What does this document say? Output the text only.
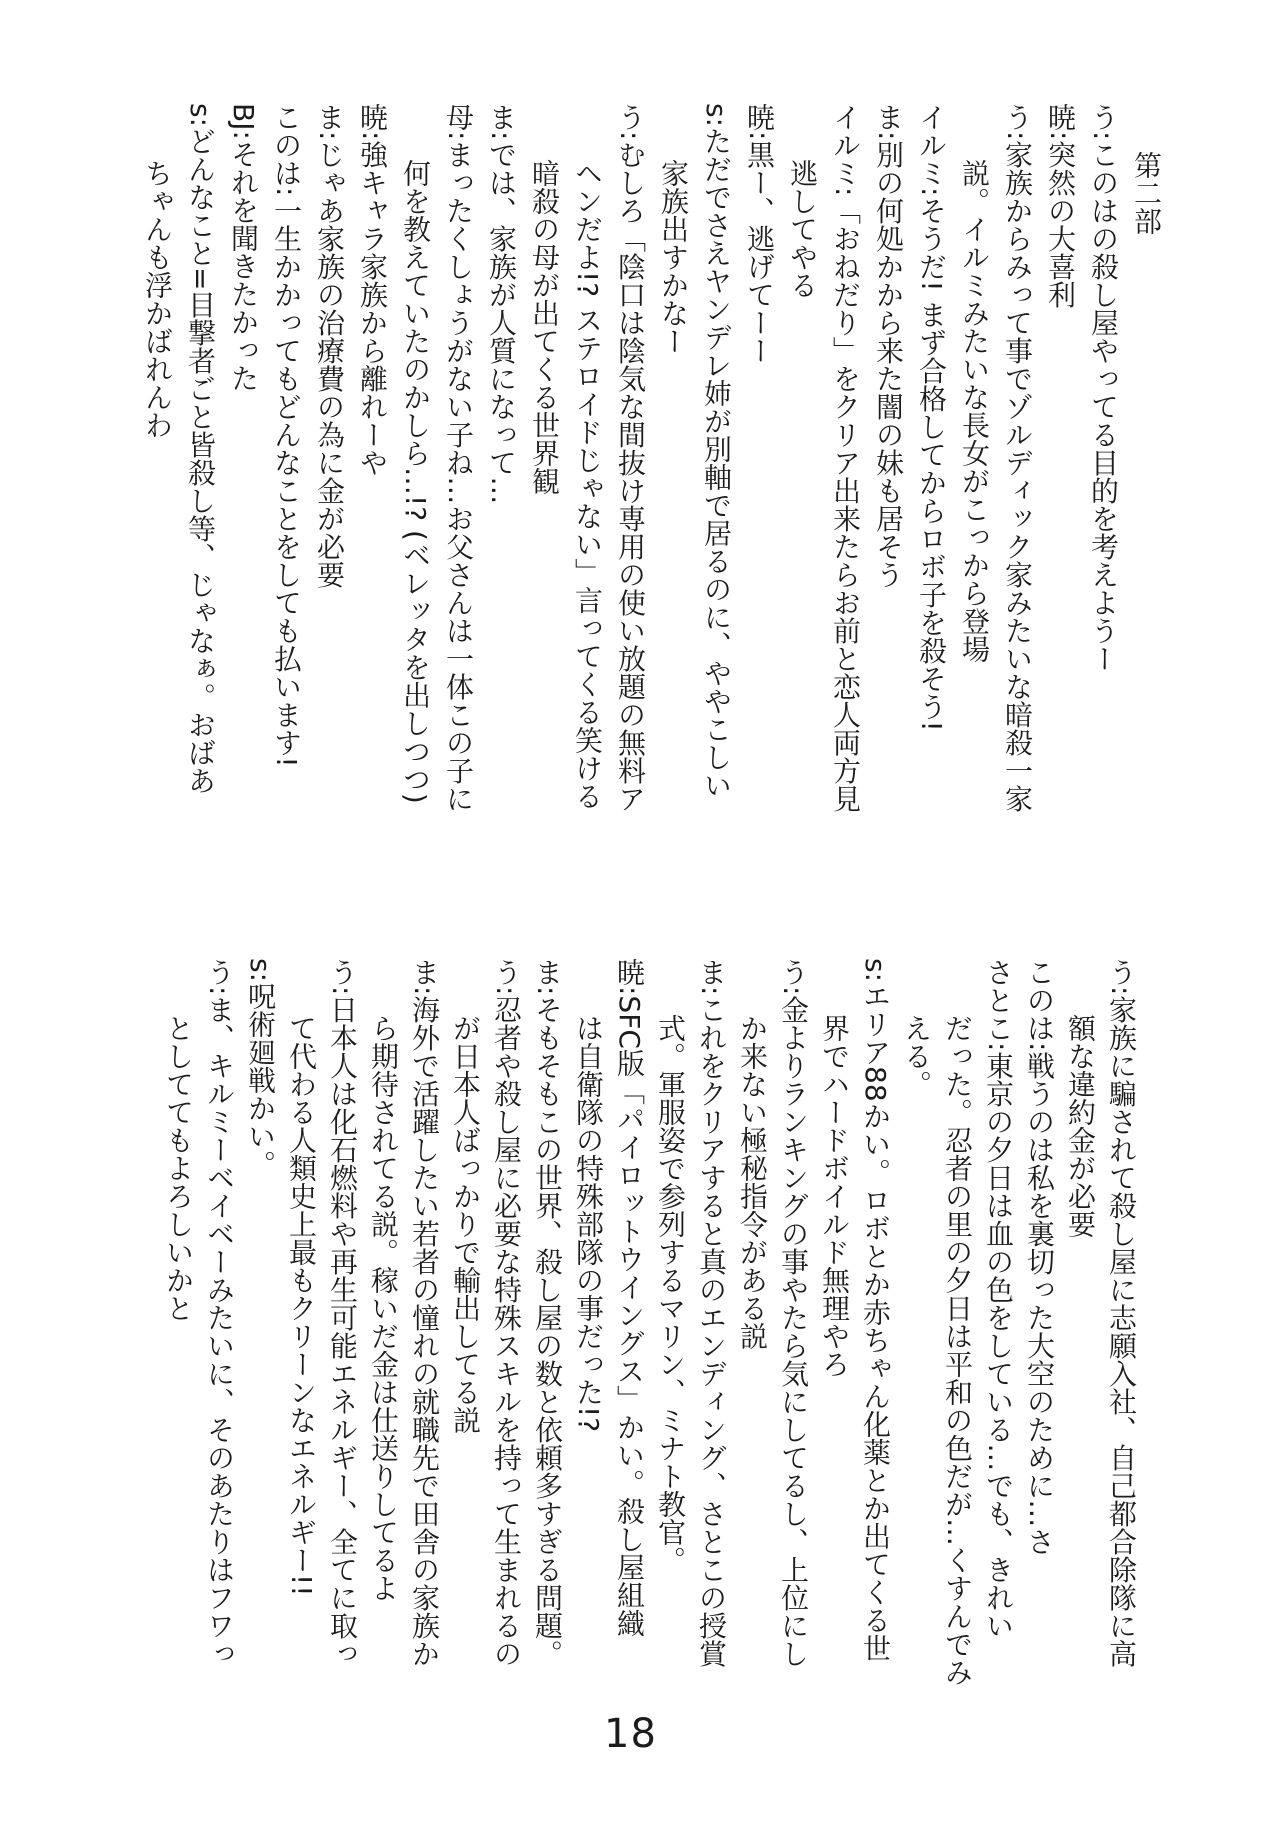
第二部
う:このはの殺し屋やってる目的を考えようー
暁:突然の大喜利
う:家族からみって事でゾルディック家みたいな暗殺一家
説。イルミみたいな長女がこっから登場
イルミ:そうだ! まず合格してからロボ子を殺そう!
ま:別の何処かから来た闇の妹も居そう
イルミ:「おねだり」をクリア出来たらお前と恋人両方見
逃してやる
暁:黒ー、逃げてーー
s:ただでさえヤンデレ姉が別軸で居るのに、ややこしい
家族出すかなー
う:むしろ「陰口は陰気な間抜け専用の使い放題の無料ア
ヘンだよ!? ステロイドじゃない」言ってくる笑ける
暗殺の母が出てくる世界観
ま:では、家族が人質になって…
母:まったくしょうがない子ね…お父さんは一体この子に
何を教えていたのかしら…!? (ベレッタを出しつつ)
暁:強キャラ家族から離れーや
ま:じゃあ家族の治療費の為に金が必要
このは:一生かかってもどんなことをしても払います!
BJ:それを聞きたかった
s:どんなこと=目撃者ごと皆殺し等、じゃなぁ。おばあ
ちゃんも浮かばれんわ
う:家族に騙されて殺し屋に志願入社、自己都合除隊に高
額な違約金が必要
このは:戦うのは私を裏切った大空のために…さ
さとこ:東京の夕日は血の色をしている…でも、きれい
だった。忍者の里の夕日は平和の色だが…くすんでみ
える。
s:エリア88かい。ロボとか赤ちゃん化薬とか出てくる世
界でハードボイルド無理やろ
う:金よりランキングの事やたら気にしてるし、上位にし
か来ない極秘指令がある説
ま:これをクリアすると真のエンディング、さとこの授賞
式。軍服姿で参列するマリン、ミナト教官。
暁:SFC版「パイロットウイングス」かい。殺し屋組織
は自衛隊の特殊部隊の事だった!?
ま:そもそもこの世界、殺し屋の数と依頼多すぎる問題。
う:忍者や殺し屋に必要な特殊スキルを持って生まれるの
が日本人ばっかりで輸出してる説
ま:海外で活躍したい若者の憧れの就職先で田舎の家族か
ら期待されてる説。稼いだ金は仕送りしてるよ
う:日本人は化石燃料や再生可能エネルギー、全てに取っ
て代わる人類史上最もクリーンなエネルギー!!
s:呪術廻戦かい。
う:ま、キルミーベイベーみたいに、そのあたりはフワっ
としててもよろしいかと
18
